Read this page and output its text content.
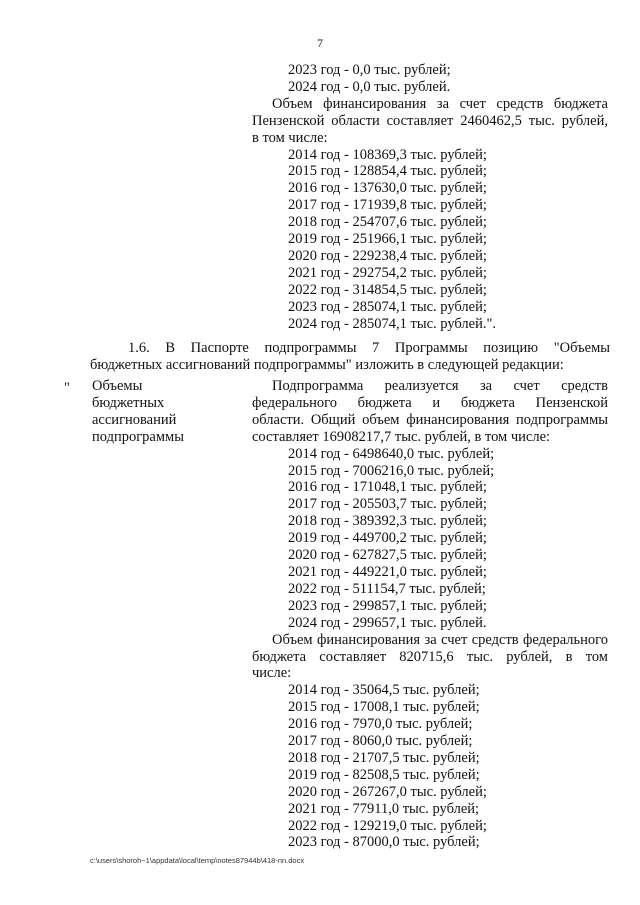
7
2023 год - 0,0 тыс. рублей;
2024 год - 0,0 тыс. рублей.
Объем финансирования за счет средств бюджета
Пензенской области составляет 2460462,5 тыс. рублей,
в том числе:
2014 год - 108369,3 тыс. рублей;
2015 год - 128854,4 тыс. рублей;
2016 год - 137630,0 тыс. рублей;
2017 год - 171939,8 тыс. рублей;
2018 год - 254707,6 тыс. рублей;
2019 год - 251966,1 тыс. рублей;
2020 год - 229238,4 тыс. рублей;
2021 год - 292754,2 тыс. рублей;
2022 год - 314854,5 тыс. рублей;
2023 год - 285074,1 тыс. рублей;
2024 год - 285074,1 тыс. рублей.".
1.6. В Паспорте подпрограммы 7 Программы позицию "Объемы
бюджетных ассигнований подпрограммы" изложить в следующей редакции:
" Объемы
бюджетных
ассигнований
подпрограммы
Подпрограмма реализуется за счет средств
федерального бюджета и бюджета Пензенской
области. Общий объем финансирования подпрограммы
составляет 16908217,7 тыс. рублей, в том числе:
2014 год - 6498640,0 тыс. рублей;
2015 год - 7006216,0 тыс. рублей;
2016 год - 171048,1 тыс. рублей;
2017 год - 205503,7 тыс. рублей;
2018 год - 389392,3 тыс. рублей;
2019 год - 449700,2 тыс. рублей;
2020 год - 627827,5 тыс. рублей;
2021 год - 449221,0 тыс. рублей;
2022 год - 511154,7 тыс. рублей;
2023 год - 299857,1 тыс. рублей;
2024 год - 299657,1 тыс. рублей.
Объем финансирования за счет средств федерального
бюджета составляет 820715,6 тыс. рублей, в том
числе:
2014 год - 35064,5 тыс. рублей;
2015 год - 17008,1 тыс. рублей;
2016 год - 7970,0 тыс. рублей;
2017 год - 8060,0 тыс. рублей;
2018 год - 21707,5 тыс. рублей;
2019 год - 82508,5 тыс. рублей;
2020 год - 267267,0 тыс. рублей;
2021 год - 77911,0 тыс. рублей;
2022 год - 129219,0 тыс. рублей;
2023 год - 87000,0 тыс. рублей;
c:\users\shoroh~1\appdata\local\temp\notes87944b\418-nn.docx
